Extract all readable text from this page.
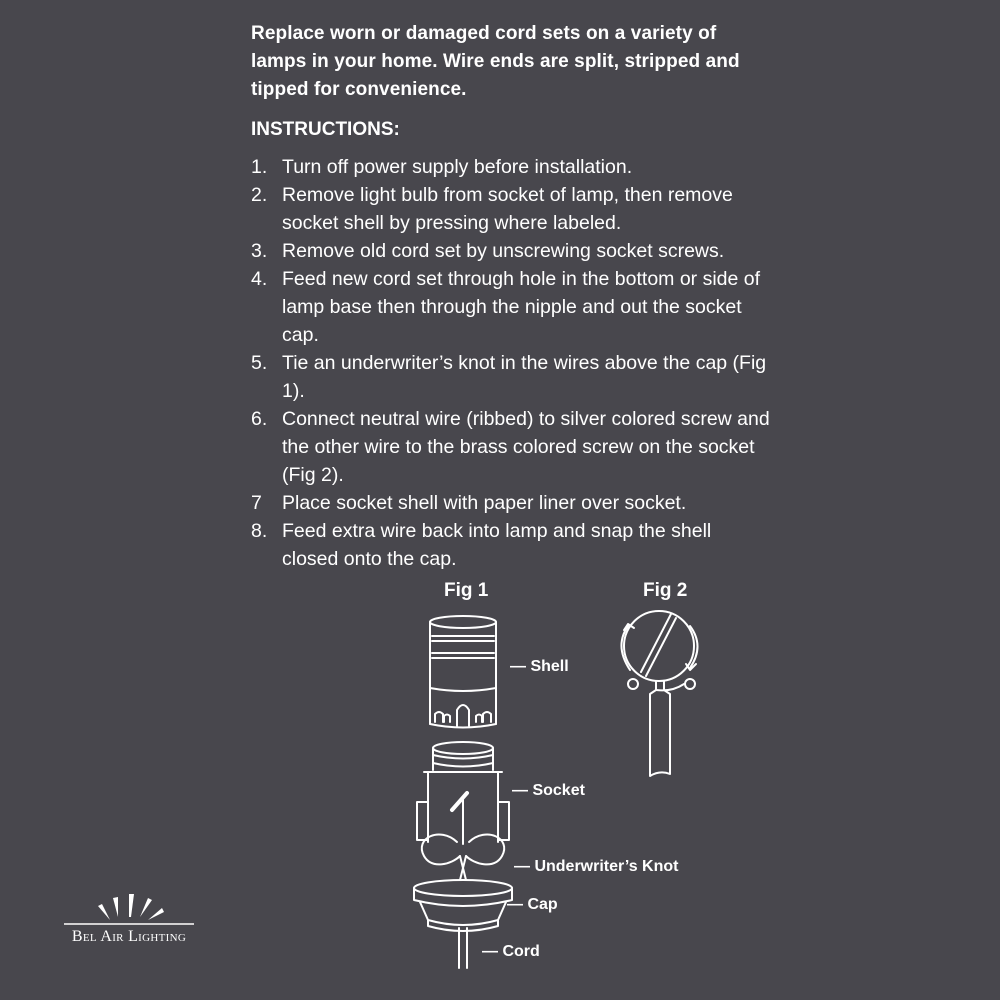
Replace worn or damaged cord sets on a variety of lamps in your home. Wire ends are split, stripped and tipped for convenience.

INSTRUCTIONS:

1. Turn off power supply before installation.
2. Remove light bulb from socket of lamp, then remove socket shell by pressing where labeled.
3. Remove old cord set by unscrewing socket screws.
4. Feed new cord set through hole in the bottom or side of lamp base then through the nipple and out the socket cap.
5. Tie an underwriter’s knot in the wires above the cap (Fig 1).
6. Connect neutral wire (ribbed) to silver colored screw and the other wire to the brass colored screw on the socket (Fig 2).
7	Place socket shell with paper liner over socket.
8. Feed extra wire back into lamp and snap the shell closed onto the cap.
Fig 1	Fig 2
— Shell
— Socket
— Underwriter’s Knot
— Cap
— Cord
Bel Air Lighting
